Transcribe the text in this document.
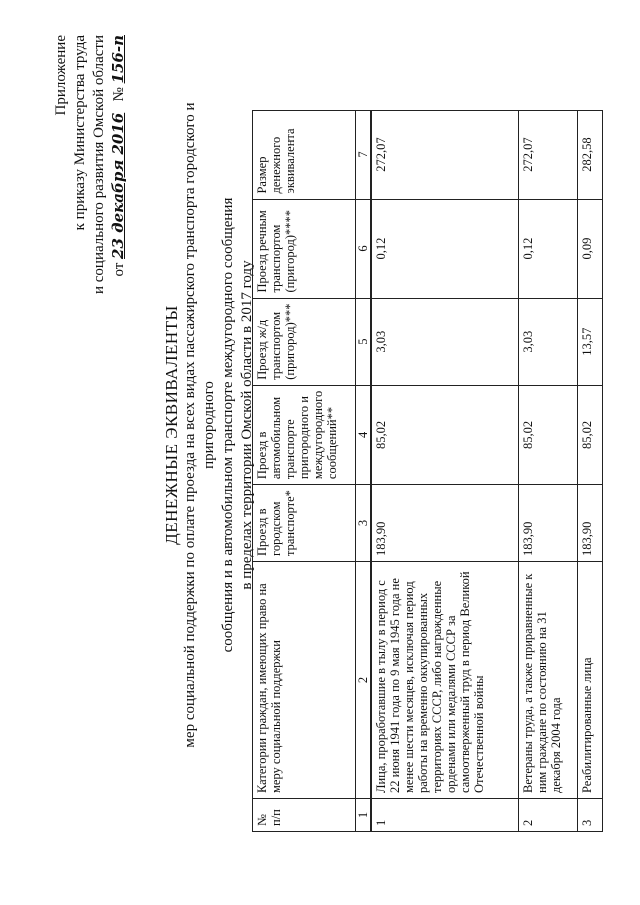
Приложение к приказу Министерства труда и социального развития Омской области от 23 декабря 2016   № 156-п
ДЕНЕЖНЫЕ ЭКВИВАЛЕНТЫ мер социальной поддержки по оплате проезда на всех видах пассажирского транспорта городского и пригородного сообщения и в автомобильном транспорте междугородного сообщения в пределах территории Омской области в 2017 году
№ п/п	Категории граждан, имеющих право на меру социальной поддержки	Проезд в городском транспорте*	Проезд в автомобильном транспорте пригородного и междугородного сообщений**	Проезд ж/д транспортом (пригород)***	Проезд речным транспортом (пригород)****	Размер денежного эквивалента
1	2	3	4	5	6	7
1	Лица, проработавшие в тылу в период с 22 июня 1941 года по 9 мая 1945 года не менее шести месяцев, исключая период работы на временно оккупированных территориях СССР, либо награжденные орденами или медалями СССР за самоотверженный труд в период Великой Отечественной войны	183,90	85,02	3,03	0,12	272,07
2	Ветераны труда, а также приравненные к ним граждане по состоянию на 31 декабря 2004 года	183,90	85,02	3,03	0,12	272,07
3	Реабилитированные лица	183,90	85,02	13,57	0,09	282,58
